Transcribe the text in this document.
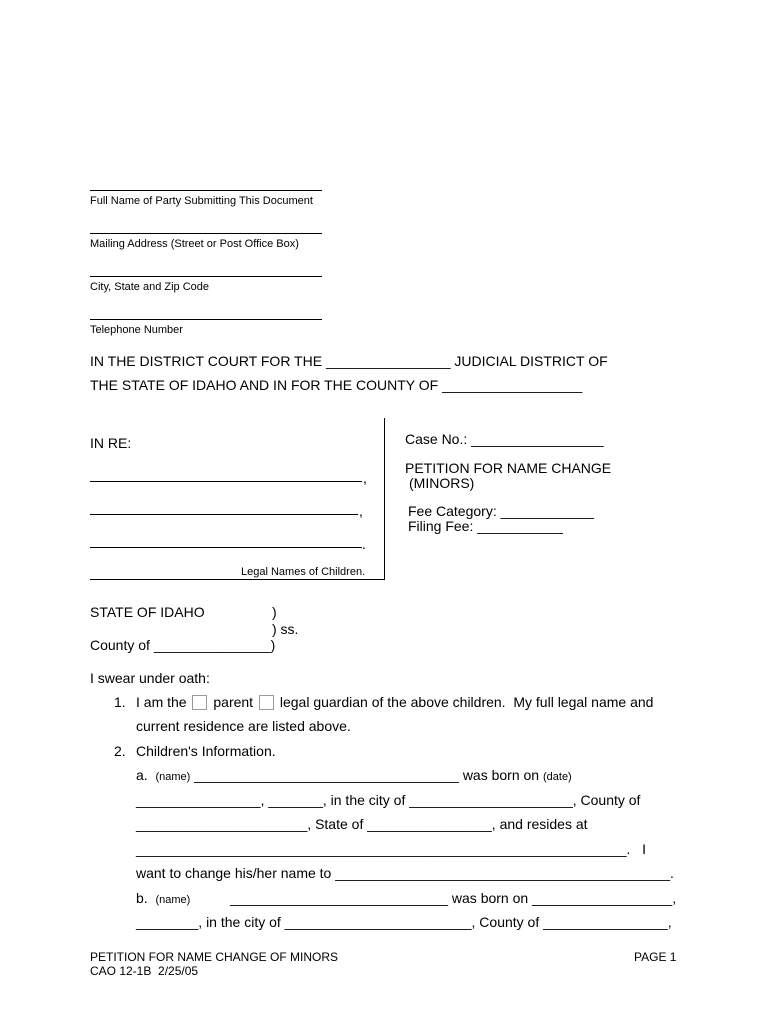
Full Name of Party Submitting This Document
Mailing Address (Street or Post Office Box)
City, State and Zip Code
Telephone Number
IN THE DISTRICT COURT FOR THE ________________ JUDICIAL DISTRICT OF
THE STATE OF IDAHO AND IN FOR THE COUNTY OF __________________
IN RE:
,
,
.
Legal Names of Children.
Case No.: _________________
PETITION FOR NAME CHANGE
(MINORS)
Fee Category: ____________
Filing Fee: ___________
STATE OF IDAHO	)
) ss.
County of _______________)
I swear under oath:
1. I am the parent legal guardian of the above children.  My full legal name and
current residence are listed above.
2. Children's Information.
a. (name) __________________________________ was born on (date)
________________, _______, in the city of _____________________, County of
______________________, State of ________________, and resides at
_______________________________________________________________.   I
want to change his/her name to ___________________________________________.
b. (name)	____________________________ was born on __________________,
________, in the city of ________________________, County of ________________,
PETITION FOR NAME CHANGE OF MINORS
CAO 12-1B  2/25/05
PAGE 1
